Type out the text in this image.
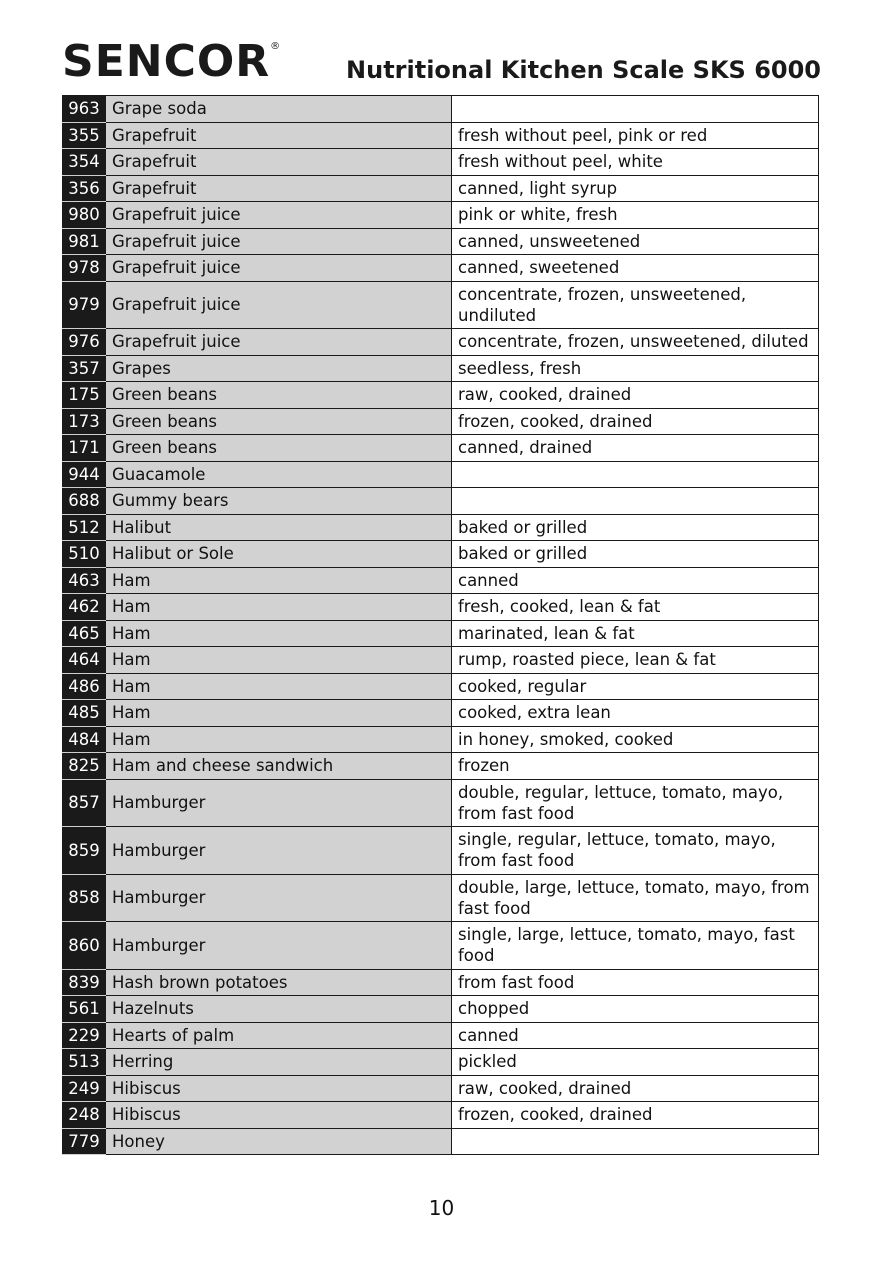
SENCOR®
Nutritional Kitchen Scale SKS 6000
963	Grape soda	
355	Grapefruit	fresh without peel, pink or red
354	Grapefruit	fresh without peel, white
356	Grapefruit	canned, light syrup
980	Grapefruit juice	pink or white, fresh
981	Grapefruit juice	canned, unsweetened
978	Grapefruit juice	canned, sweetened
979	Grapefruit juice	concentrate, frozen, unsweetened, undiluted
976	Grapefruit juice	concentrate, frozen, unsweetened, diluted
357	Grapes	seedless, fresh
175	Green beans	raw, cooked, drained
173	Green beans	frozen, cooked, drained
171	Green beans	canned, drained
944	Guacamole	
688	Gummy bears	
512	Halibut	baked or grilled
510	Halibut or Sole	baked or grilled
463	Ham	canned
462	Ham	fresh, cooked, lean & fat
465	Ham	marinated, lean & fat
464	Ham	rump, roasted piece, lean & fat
486	Ham	cooked, regular
485	Ham	cooked, extra lean
484	Ham	in honey, smoked, cooked
825	Ham and cheese sandwich	frozen
857	Hamburger	double, regular, lettuce, tomato, mayo, from fast food
859	Hamburger	single, regular, lettuce, tomato, mayo, from fast food
858	Hamburger	double, large, lettuce, tomato, mayo, from fast food
860	Hamburger	single, large, lettuce, tomato, mayo, fast food
839	Hash brown potatoes	from fast food
561	Hazelnuts	chopped
229	Hearts of palm	canned
513	Herring	pickled
249	Hibiscus	raw, cooked, drained
248	Hibiscus	frozen, cooked, drained
779	Honey	
10
